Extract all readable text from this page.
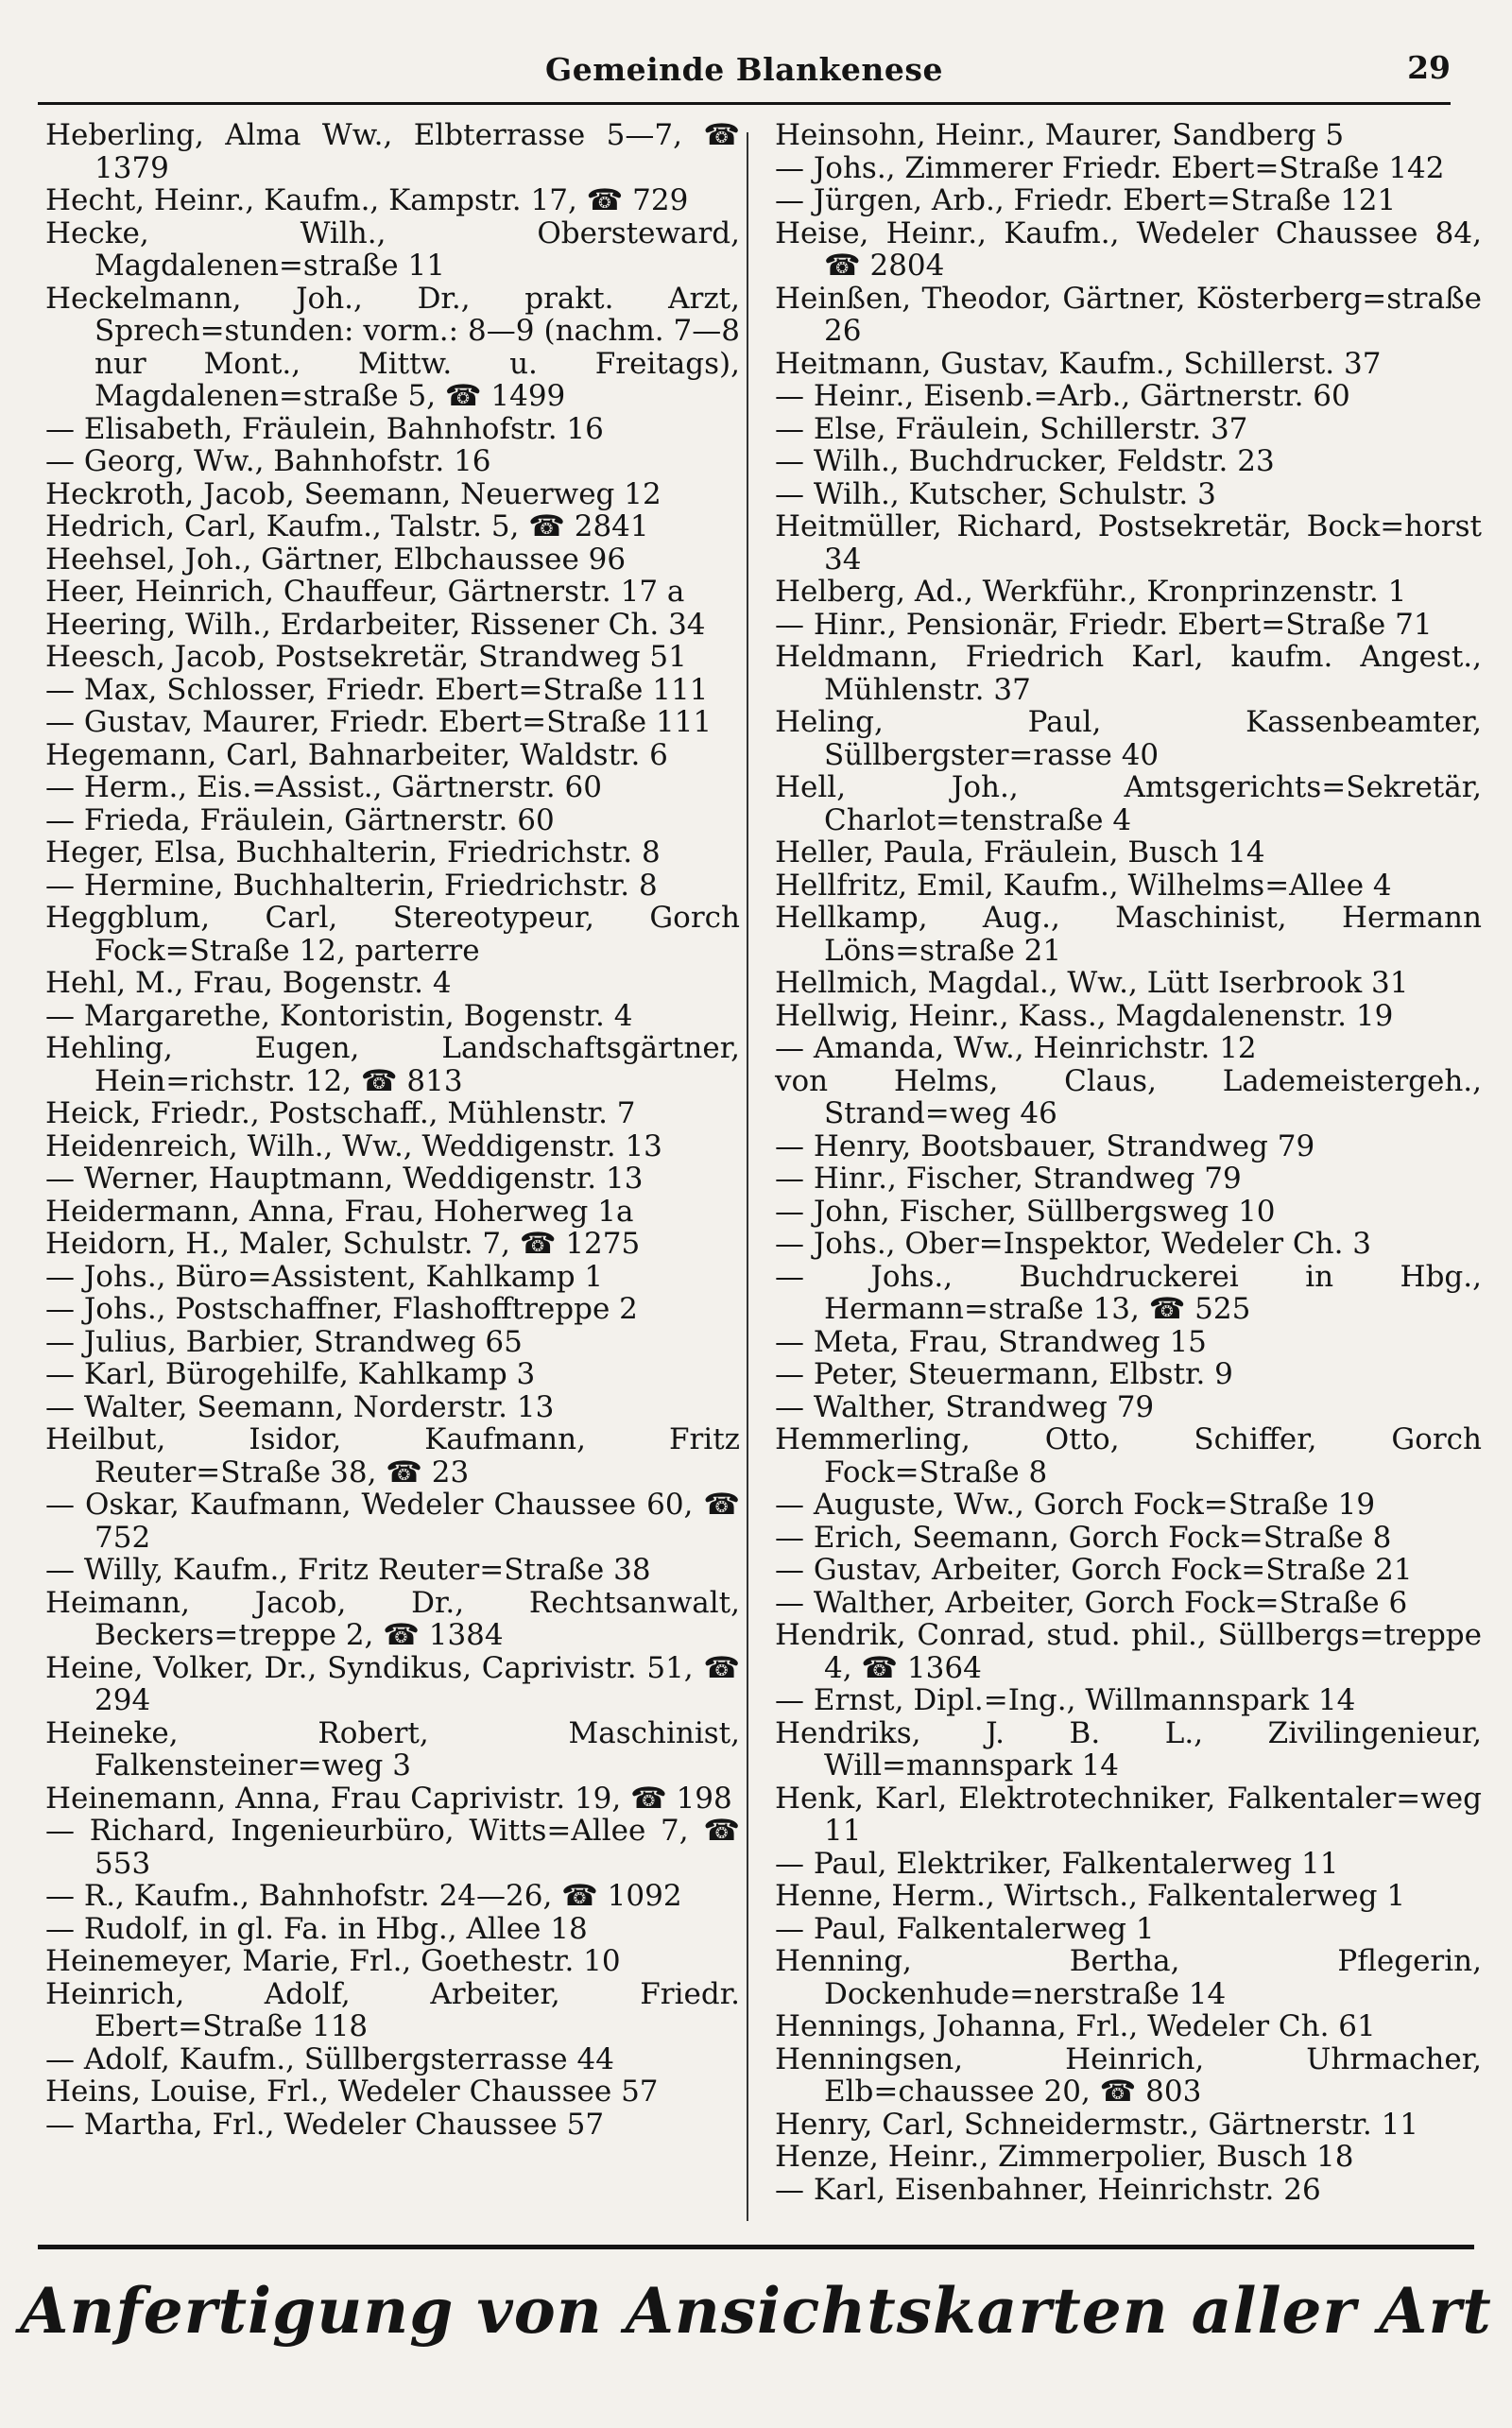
Gemeinde Blankenese	29
Heberling, Alma Ww., Elbterrasse 5—7, ☎ 1379
Hecht, Heinr., Kaufm., Kampstr. 17, ☎ 729
Hecke, Wilh., Obersteward, Magdalenen=straße 11
Heckelmann, Joh., Dr., prakt. Arzt, Sprech=stunden: vorm.: 8—9 (nachm. 7—8 nur Mont., Mittw. u. Freitags), Magdalenen=straße 5, ☎ 1499
— Elisabeth, Fräulein, Bahnhofstr. 16
— Georg, Ww., Bahnhofstr. 16
Heckroth, Jacob, Seemann, Neuerweg 12
Hedrich, Carl, Kaufm., Talstr. 5, ☎ 2841
Heehsel, Joh., Gärtner, Elbchaussee 96
Heer, Heinrich, Chauffeur, Gärtnerstr. 17 a
Heering, Wilh., Erdarbeiter, Rissener Ch. 34
Heesch, Jacob, Postsekretär, Strandweg 51
— Max, Schlosser, Friedr. Ebert=Straße 111
— Gustav, Maurer, Friedr. Ebert=Straße 111
Hegemann, Carl, Bahnarbeiter, Waldstr. 6
— Herm., Eis.=Assist., Gärtnerstr. 60
— Frieda, Fräulein, Gärtnerstr. 60
Heger, Elsa, Buchhalterin, Friedrichstr. 8
— Hermine, Buchhalterin, Friedrichstr. 8
Heggblum, Carl, Stereotypeur, Gorch Fock=Straße 12, parterre
Hehl, M., Frau, Bogenstr. 4
— Margarethe, Kontoristin, Bogenstr. 4
Hehling, Eugen, Landschaftsgärtner, Hein=richstr. 12, ☎ 813
Heick, Friedr., Postschaff., Mühlenstr. 7
Heidenreich, Wilh., Ww., Weddigenstr. 13
— Werner, Hauptmann, Weddigenstr. 13
Heidermann, Anna, Frau, Hoherweg 1a
Heidorn, H., Maler, Schulstr. 7, ☎ 1275
— Johs., Büro=Assistent, Kahlkamp 1
— Johs., Postschaffner, Flashofftreppe 2
— Julius, Barbier, Strandweg 65
— Karl, Bürogehilfe, Kahlkamp 3
— Walter, Seemann, Norderstr. 13
Heilbut, Isidor, Kaufmann, Fritz Reuter=Straße 38, ☎ 23
— Oskar, Kaufmann, Wedeler Chaussee 60, ☎ 752
— Willy, Kaufm., Fritz Reuter=Straße 38
Heimann, Jacob, Dr., Rechtsanwalt, Beckers=treppe 2, ☎ 1384
Heine, Volker, Dr., Syndikus, Caprivistr. 51, ☎ 294
Heineke, Robert, Maschinist, Falkensteiner=weg 3
Heinemann, Anna, Frau Caprivistr. 19, ☎ 198
— Richard, Ingenieurbüro, Witts=Allee 7, ☎ 553
— R., Kaufm., Bahnhofstr. 24—26, ☎ 1092
— Rudolf, in gl. Fa. in Hbg., Allee 18
Heinemeyer, Marie, Frl., Goethestr. 10
Heinrich, Adolf, Arbeiter, Friedr. Ebert=Straße 118
— Adolf, Kaufm., Süllbergsterrasse 44
Heins, Louise, Frl., Wedeler Chaussee 57
— Martha, Frl., Wedeler Chaussee 57
Heinsohn, Heinr., Maurer, Sandberg 5
— Johs., Zimmerer Friedr. Ebert=Straße 142
— Jürgen, Arb., Friedr. Ebert=Straße 121
Heise, Heinr., Kaufm., Wedeler Chaussee 84, ☎ 2804
Heinßen, Theodor, Gärtner, Kösterberg=straße 26
Heitmann, Gustav, Kaufm., Schillerst. 37
— Heinr., Eisenb.=Arb., Gärtnerstr. 60
— Else, Fräulein, Schillerstr. 37
— Wilh., Buchdrucker, Feldstr. 23
— Wilh., Kutscher, Schulstr. 3
Heitmüller, Richard, Postsekretär, Bock=horst 34
Helberg, Ad., Werkführ., Kronprinzenstr. 1
— Hinr., Pensionär, Friedr. Ebert=Straße 71
Heldmann, Friedrich Karl, kaufm. Angest., Mühlenstr. 37
Heling, Paul, Kassenbeamter, Süllbergster=rasse 40
Hell, Joh., Amtsgerichts=Sekretär, Charlot=tenstraße 4
Heller, Paula, Fräulein, Busch 14
Hellfritz, Emil, Kaufm., Wilhelms=Allee 4
Hellkamp, Aug., Maschinist, Hermann Löns=straße 21
Hellmich, Magdal., Ww., Lütt Iserbrook 31
Hellwig, Heinr., Kass., Magdalenenstr. 19
— Amanda, Ww., Heinrichstr. 12
von Helms, Claus, Lademeistergeh., Strand=weg 46
— Henry, Bootsbauer, Strandweg 79
— Hinr., Fischer, Strandweg 79
— John, Fischer, Süllbergsweg 10
— Johs., Ober=Inspektor, Wedeler Ch. 3
— Johs., Buchdruckerei in Hbg., Hermann=straße 13, ☎ 525
— Meta, Frau, Strandweg 15
— Peter, Steuermann, Elbstr. 9
— Walther, Strandweg 79
Hemmerling, Otto, Schiffer, Gorch Fock=Straße 8
— Auguste, Ww., Gorch Fock=Straße 19
— Erich, Seemann, Gorch Fock=Straße 8
— Gustav, Arbeiter, Gorch Fock=Straße 21
— Walther, Arbeiter, Gorch Fock=Straße 6
Hendrik, Conrad, stud. phil., Süllbergs=treppe 4, ☎ 1364
— Ernst, Dipl.=Ing., Willmannspark 14
Hendriks, J. B. L., Zivilingenieur, Will=mannspark 14
Henk, Karl, Elektrotechniker, Falkentaler=weg 11
— Paul, Elektriker, Falkentalerweg 11
Henne, Herm., Wirtsch., Falkentalerweg 1
— Paul, Falkentalerweg 1
Henning, Bertha, Pflegerin, Dockenhude=nerstraße 14
Hennings, Johanna, Frl., Wedeler Ch. 61
Henningsen, Heinrich, Uhrmacher, Elb=chaussee 20, ☎ 803
Henry, Carl, Schneidermstr., Gärtnerstr. 11
Henze, Heinr., Zimmerpolier, Busch 18
— Karl, Eisenbahner, Heinrichstr. 26
Anfertigung von Ansichtskarten aller Art
